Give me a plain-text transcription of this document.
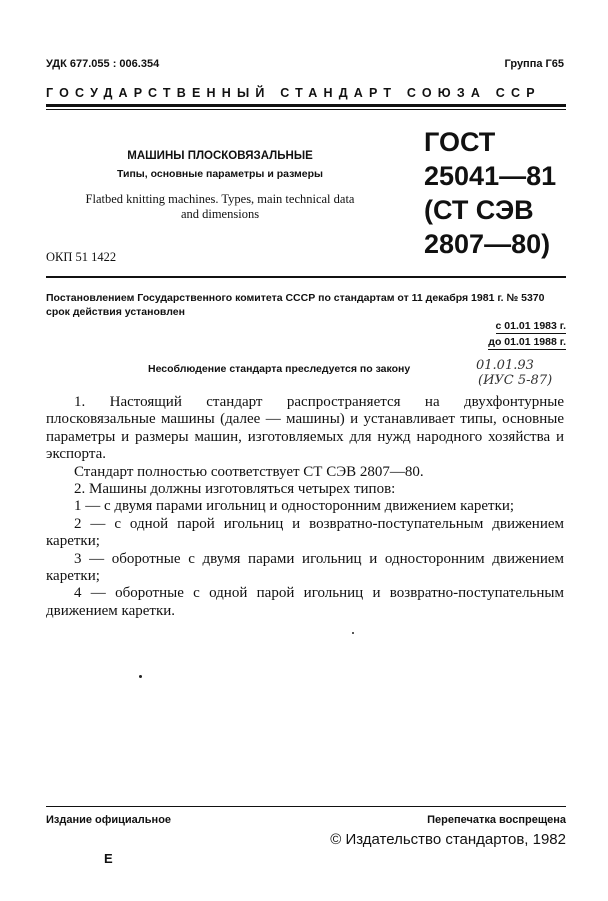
УДК 677.055 : 006.354	Группа Г65
ГОСУДАРСТВЕННЫЙ СТАНДАРТ СОЮЗА ССР
МАШИНЫ ПЛОСКОВЯЗАЛЬНЫЕ
Типы, основные параметры и размеры
Flatbed knitting machines. Types, main technical data
and dimensions
ОКП 51 1422
ГОСТ
25041—81
(СТ СЭВ
2807—80)
Постановлением Государственного комитета СССР по стандартам от 11 декабря 1981 г. № 5370 срок действия установлен
с 01.01 1983 г.
до 01.01 1988 г.
Несоблюдение стандарта преследуется по закону	01.01.93
(ИУС 5-87)

1. Настоящий стандарт распространяется на двухфонтурные плосковязальные машины (далее — машины) и устанавливает типы, основные параметры и размеры машин, изготовляемых для нужд народного хозяйства и экспорта.

Стандарт полностью соответствует СТ СЭВ 2807—80.

2. Машины должны изготовляться четырех типов:

1 — с двумя парами игольниц и односторонним движением каретки;

2 — с одной парой игольниц и возвратно-поступательным движением каретки;

3 — оборотные с двумя парами игольниц и односторонним движением каретки;

4 — оборотные с одной парой игольниц и возвратно-поступательным движением каретки.

Издание официальное	Перепечатка воспрещена
© Издательство стандартов, 1982
E
